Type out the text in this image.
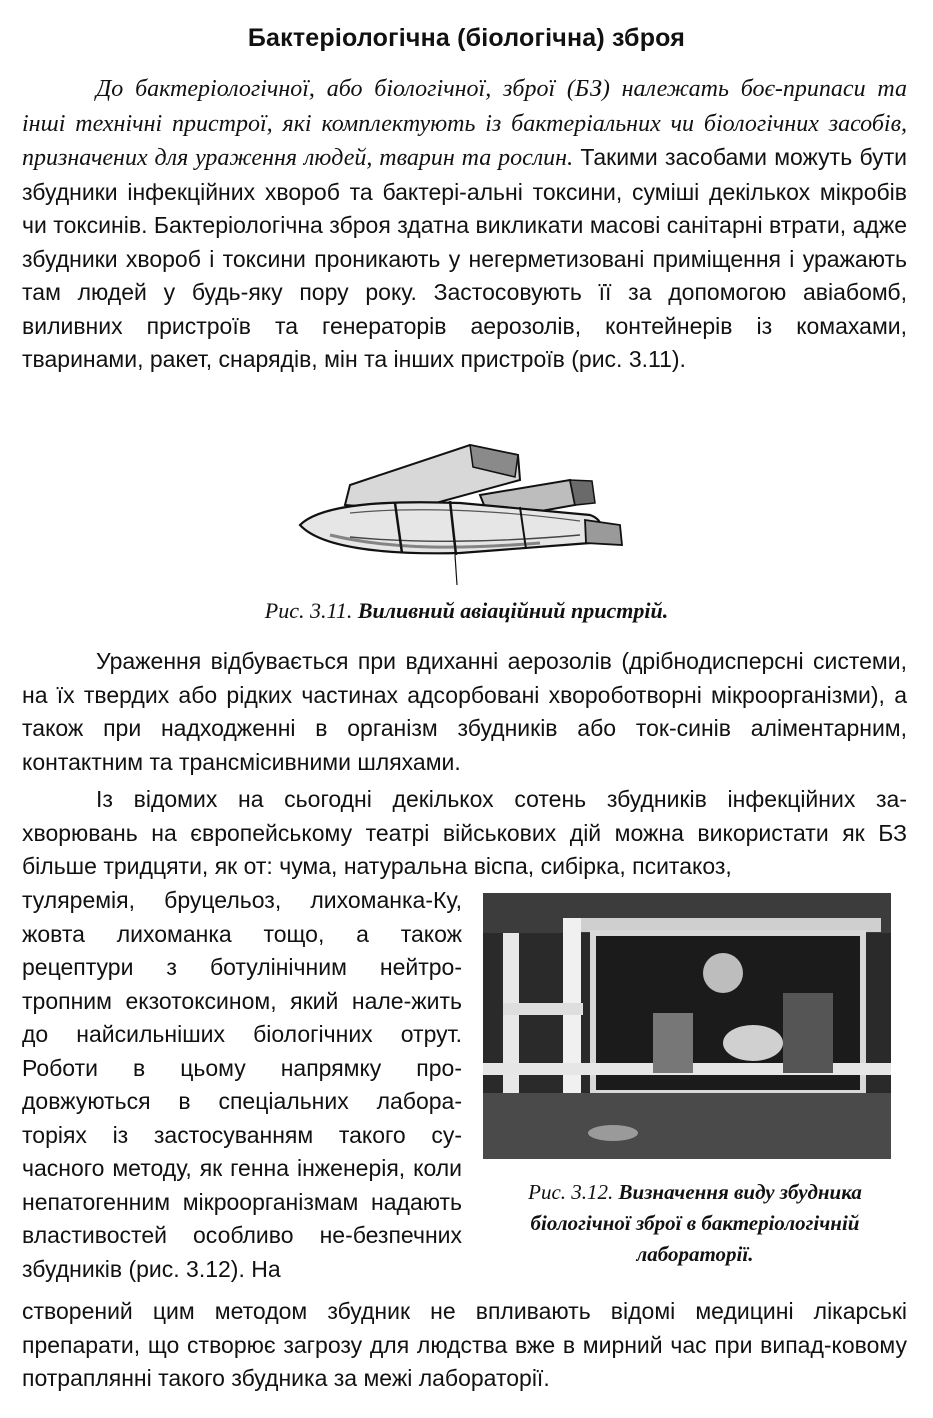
Бактеріологічна (біологічна) зброя

До бактеріологічної, або біологічної, зброї (БЗ) належать боє-припаси та інші технічні пристрої, які комплектують із бактеріальних чи біологічних засобів, призначених для ураження людей, тварин та рослин. Такими засобами можуть бути збудники інфекційних хвороб та бактері-альні токсини, суміші декількох мікробів чи токсинів. Бактеріологічна зброя здатна викликати масові санітарні втрати, адже збудники хвороб і токсини проникають у негерметизовані приміщення і уражають там людей у будь-яку пору року. Застосовують її за допомогою авіабомб, виливних пристроїв та генераторів аерозолів, контейнерів із комахами, тваринами, ракет, снарядів, мін та інших пристроїв (рис. 3.11).

Рис. 3.11. Виливний авіаційний пристрій.

Ураження відбувається при вдиханні аерозолів (дрібнодисперсні системи, на їх твердих або рідких частинах адсорбовані хвороботворні мікроорганізми), а також при надходженні в організм збудників або ток-синів аліментарним, контактним та трансмісивними шляхами.

Із відомих на сьогодні декількох сотень збудників інфекційних за-хворювань на європейському театрі військових дій можна використати як БЗ більше тридцяти, як от: чума, натуральна віспа, сибірка, пситакоз,

туляремія, бруцельоз, лихоманка-Ку, жовта лихоманка тощо, а також рецептури з ботулінічним нейтро-тропним екзотоксином, який нале-жить до найсильніших біологічних отрут. Роботи в цьому напрямку про-довжуються в спеціальних лабора-торіях із застосуванням такого су-часного методу, як генна інженерія, коли непатогенним мікроорганізмам надають властивостей особливо не-безпечних збудників (рис. 3.12). На

Рис. 3.12. Визначення виду збудника біологічної зброї в бактеріологічній лабораторії.

створений цим методом збудник не впливають відомі медицині лікарські препарати, що створює загрозу для людства вже в мирний час при випад-ковому потраплянні такого збудника за межі лабораторії.
